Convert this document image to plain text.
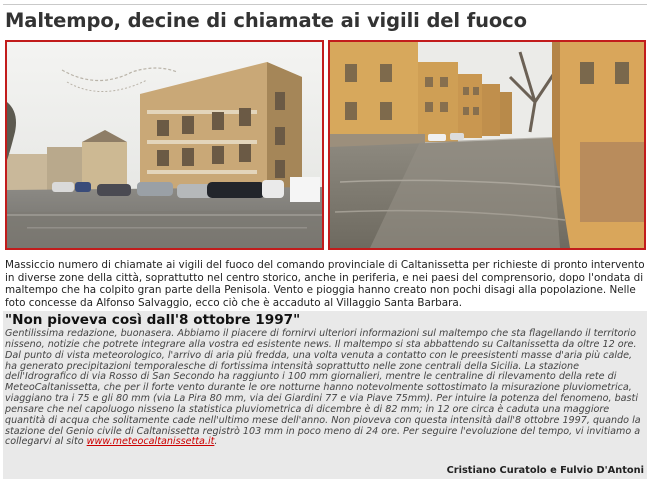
Maltempo, decine di chiamate ai vigili del fuoco
Massiccio numero di chiamate ai vigili del fuoco del comando provinciale di Caltanissetta per richieste di pronto intervento in diverse zone della città, soprattutto nel centro storico, anche in periferia, e nei paesi del comprensorio, dopo l'ondata di maltempo che ha colpito gran parte della Penisola. Vento e pioggia hanno creato non pochi disagi alla popolazione. Nelle foto concesse da Alfonso Salvaggio, ecco ciò che è accaduto al Villaggio Santa Barbara.
"Non pioveva così dall'8 ottobre 1997"
Gentilissima redazione, buonasera. Abbiamo il piacere di fornirvi ulteriori informazioni sul maltempo che sta flagellando il territorio nisseno, notizie che potrete integrare alla vostra ed esistente news. Il maltempo si sta abbattendo su Caltanissetta da oltre 12 ore. Dal punto di vista meteorologico, l'arrivo di aria più fredda, una volta venuta a contatto con le preesistenti masse d'aria più calde, ha generato precipitazioni temporalesche di fortissima intensità soprattutto nelle zone centrali della Sicilia. La stazione dell'Idrografico di via Rosso di San Secondo ha raggiunto i 100 mm giornalieri, mentre le centraline di rilevamento della rete di MeteoCaltanissetta, che per il forte vento durante le ore notturne hanno notevolmente sottostimato la misurazione pluviometrica, viaggiano tra i 75 e gli 80 mm (via La Pira 80 mm, via dei Giardini 77 e via Piave 75mm). Per intuire la potenza del fenomeno, basti pensare che nel capoluogo nisseno la statistica pluviometrica di dicembre è di 82 mm; in 12 ore circa è caduta una maggiore quantità di acqua che solitamente cade nell'ultimo mese dell'anno. Non pioveva con questa intensità dall'8 ottobre 1997, quando la stazione del Genio civile di Caltanissetta registrò 103 mm in poco meno di 24 ore. Per seguire l'evoluzione del tempo, vi invitiamo a collegarvi al sito www.meteocaltanissetta.it.
Cristiano Curatolo e Fulvio D'Antoni
